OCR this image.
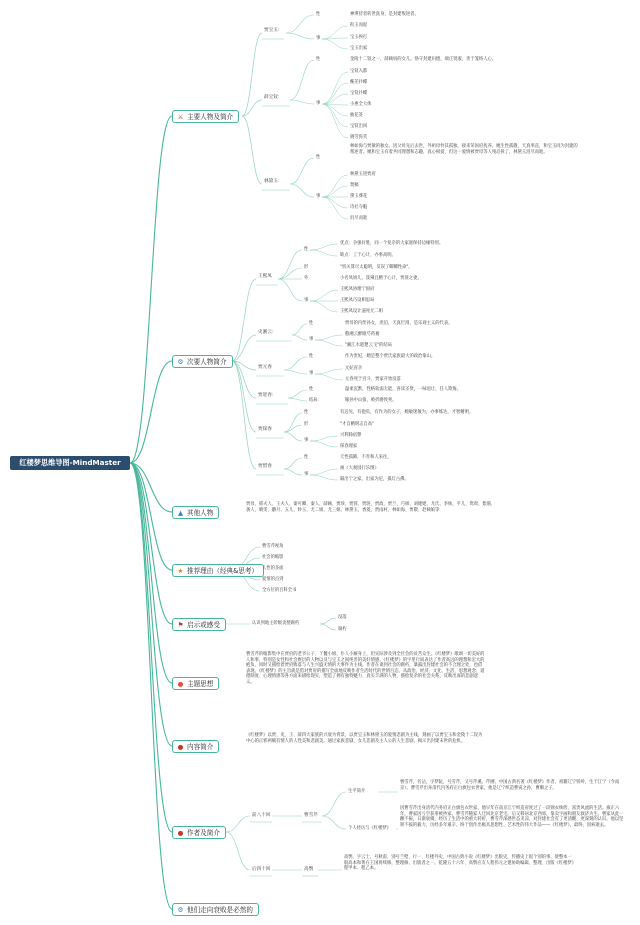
红楼梦思维导图-MindMaster
⚔ 主要人物及简介
⚙ 次要人物简介
▲ 其他人物
★ 推荐理由（经典&思考）
⚑ 启示或感受
● 主题思想
● 内容简介
● 作者及简介
⚙ 他们走向衰败是必然的
贾宝玉：
性	神瑛侍者转世真身，是封建叛逆者。
事
衔玉而诞
宝玉挨打
宝玉出家
薛宝钗：
性	金陵十二钗之一，薛姨妈的女儿。恪守封建妇德，端庄贤淑，善于笼络人心。
事
宝钗入都
蘅芜扑蝶
宝钗扑蝶
小惠全大体
抽花签
宝钗出闺
晓劳弥笑
林黛玉：
性
林如海与贾敏的独女。因父母先后去世，外祖母怜其孤独，接来荣国府抚养。她生性孤傲，天真率直，和宝玉同为封建的叛逆者。她和宝玉有着共同理想和志趣，真心相爱，但这一爱情被贾母等人残忍拆了，林黛玉泪尽而逝。
事
林黛玉进贾府
焚稿
黛玉葬花
诗社夺魁
泪尽而逝
王熙凤
性
优点：争强好胜，同一个复杂的大家庭保持边缘特别。
缺点：工于心计，办事高明。
形	"机关算尽太聪明，反误了卿卿性命"。
外	小名凤姐儿，泼辣且精于心计，贾琏之妻。
事
王熙凤协理宁国府
王熙凤巧设相思局
王熙凤设计逼死尤二姐
史湘云：
性	贾母的内侄孙女，淡泊，天真烂漫，是乐观主义的代表。
事
憨湘云醉眠芍药裀
"湘江水逝楚云飞"的结局
贾元春
性	作为贵妃，她是整个贾氏家族最大的政治靠山。
事
元妃省亲
元春死于宫斗，贾家开始没落
贾迎春：
性	温柔沉默，性格软弱无能，喜读圣贤，一味退让，任人欺侮。
结局：	嫁孙中山狼，被折磨致死。
贾探春
性	有远见，有抱负，有作为的女子，她敏迷敏为，办事练达，才智精明。
形	"才自精明志自高"
事
兴利除宿弊
探春理家
贾惜春
性	天性孤僻，不肯和人来往。
事
画《大观园行乐图》
隔出宁之家，出家为尼，孤灯古佛。
贾母、邢夫人、王夫人、秦可卿、秦人、薛姨、贾珍、贾蓉、贾琏、贾政、贾兰、巧姐、刘姥姥、尤氏、李纨、平儿、鸳鸯、紫鹃、袭人、晴雯、麝月、五儿、妙玉、尤二姐、尤三姐、林黛玉、香菱、贾雨村、林如海、贾敬、赵姨娘等
曹雪芹视角
社会的缩影
人性的多面
爱情的点到
全方位的百科全书
认识到地主阶级贪婪腐朽
没落
腐朽
曹雪芹的缩影集中在贾府的老爷公子、丫鬟小姐、仆人小厮身上，但实际涉及到全社会的贫苦众生。《红楼梦》歌颂一切美好的人和事，特别是女性和社会底层的人物以及与宝玉之间纯善的美好情感。《红楼梦》的字里行间表达了作者高远的理想和宏大的抱负，同时又描绘着贾府败落与人生兴盛无情的大事件为主线。作者在谈到社会的腐朽，暴露出封建社会的不合理之处，也借表现。《红楼梦》的主旨就是借对贾府的描写全面地反映作者生活时代的世情百态，从政治、经济、文化、生活、思想观念、道德制度、心理情感等各方面来描绘现实，塑造了拥有独特魅力、真实丰满的人物，描绘复杂的社会关系，反映出深的悲剧意义。
《红楼梦》以贾、史、王、薛四大家族的兴衰为背景，以贾宝玉和林黛玉的爱情悲剧为主线，刻画了以贾宝玉和金陵十二钗为中心的正邪两赋有情人的人性美和悲剧美。通过家族悲剧、女儿悲剧及主人公的人生悲剧，揭示出封建末世的危机。
前八十回	曹雪芹
生平简介
曹雪芹，名沾，字梦阮，号雪芹，又号芹溪、芹圃，中国古典名著《红楼梦》作者，祖籍辽宁铁岭，生于江宁（今南京）。曹雪芹出身清代内务府正白旗包衣世家，他是辽宁织造曹寅之孙，曹頫之子。
个人经历与《红楼梦》
因曹雪芹出身清代内务府正白旗包衣世家，他早年在南京江宁织造府度过了一段锦衣纨绔、富贵风流的生活。雍正六年，曹家因亏空获罪被抄家，曹雪芹随家人迁回北京老宅。后又移居北京西郊，靠卖字画和朋友救济为生。曹家从此一蹶不振，日渐衰微，经历了生活中的重大转折，曹雪芹深感世态炎凉，对封建社会有了更清醒、更深刻的认识。他以坚韧不拔的毅力，历经多年艰辛，终于创作出极具思想性、艺术性的伟大作品——《红楼梦》，最终，因病逝去。
后四十回	高鹗
高鹗，字云士，号秋甫，别号兰墅、行一、红楼外史，中国古典小说《红楼梦》出版史，传播史上很个别的事。使整本一般高本和黄在王国将续修，整理修，出版者之一。乾隆五十六年、高鹗应友人程伟元之邀协助编辑、整理、出版《红楼梦》程甲本、程乙本。
